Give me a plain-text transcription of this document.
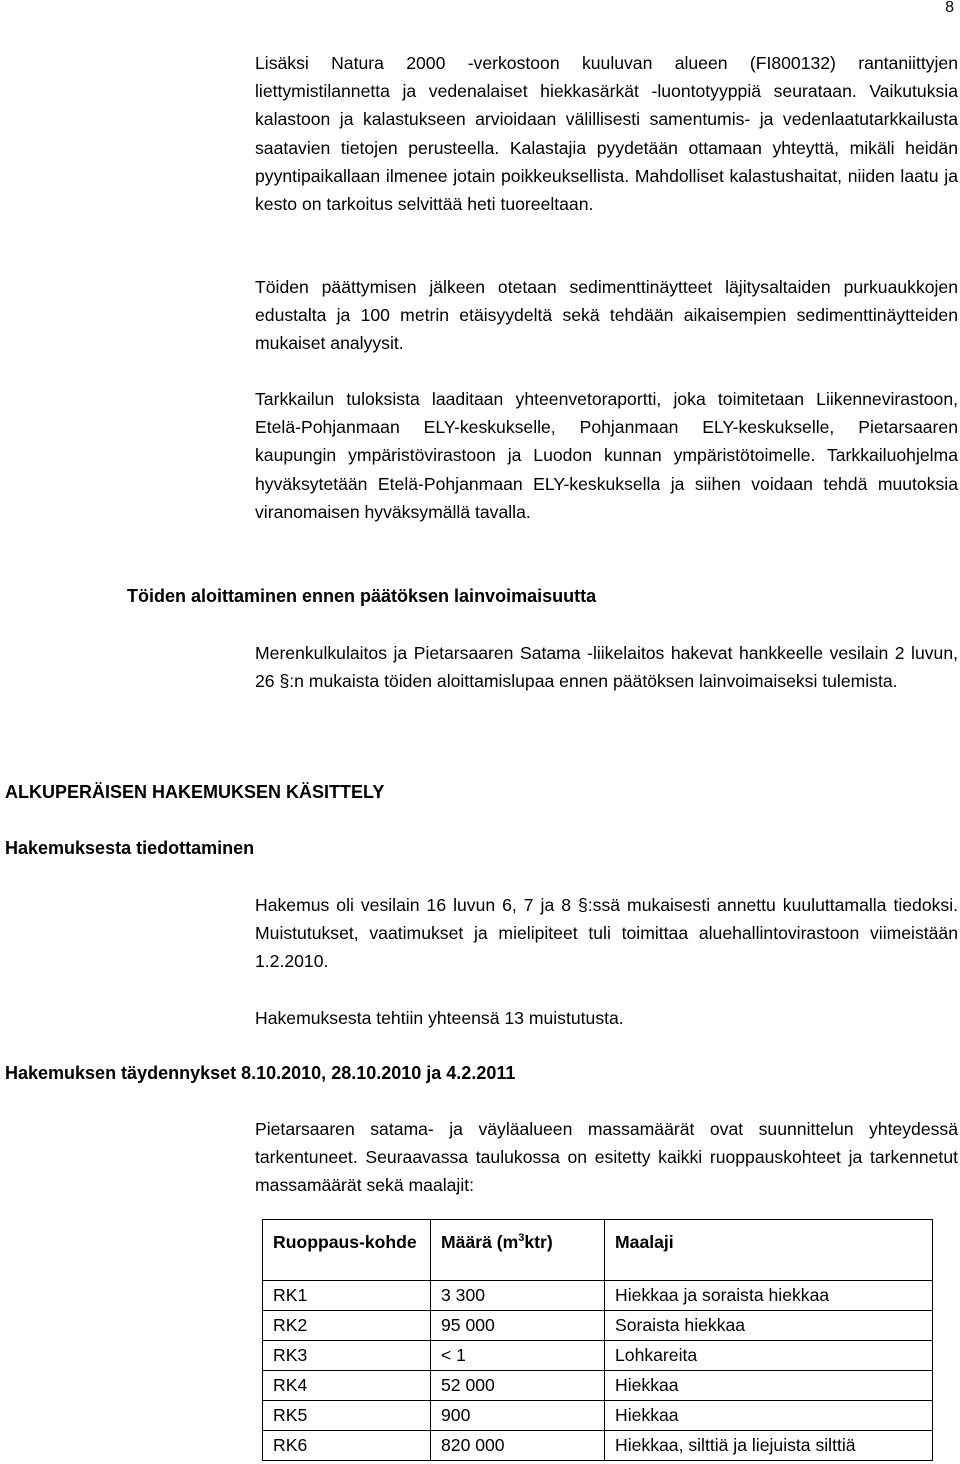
8

Lisäksi Natura 2000 -verkostoon kuuluvan alueen (FI800132) rantaniittyjen liettymistilannetta ja vedenalaiset hiekkasärkät -luontotyyppiä seurataan. Vaikutuksia kalastoon ja kalastukseen arvioidaan välillisesti samentumis- ja vedenlaatutarkkailusta saatavien tietojen perusteella. Kalastajia pyydetään ottamaan yhteyttä, mikäli heidän pyyntipaikallaan ilmenee jotain poikkeuksellista. Mahdolliset kalastushaitat, niiden laatu ja kesto on tarkoitus selvittää heti tuoreeltaan.

Töiden päättymisen jälkeen otetaan sedimenttinäytteet läjitysaltaiden purkuaukkojen edustalta ja 100 metrin etäisyydeltä sekä tehdään aikaisempien sedimenttinäytteiden mukaiset analyysit.

Tarkkailun tuloksista laaditaan yhteenvetoraportti, joka toimitetaan Liikennevirastoon, Etelä-Pohjanmaan ELY-keskukselle, Pohjanmaan ELY-keskukselle, Pietarsaaren kaupungin ympäristövirastoon ja Luodon kunnan ympäristötoimelle. Tarkkailuohjelma hyväksytetään Etelä-Pohjanmaan ELY-keskuksella ja siihen voidaan tehdä muutoksia viranomaisen hyväksymällä tavalla.

Töiden aloittaminen ennen päätöksen lainvoimaisuutta

Merenkulkulaitos ja Pietarsaaren Satama -liikelaitos hakevat hankkeelle vesilain 2 luvun, 26 §:n mukaista töiden aloittamislupaa ennen päätöksen lainvoimaiseksi tulemista.

ALKUPERÄISEN HAKEMUKSEN KÄSITTELY
Hakemuksesta tiedottaminen

Hakemus oli vesilain 16 luvun 6, 7 ja 8 §:ssä mukaisesti annettu kuuluttamalla tiedoksi. Muistutukset, vaatimukset ja mielipiteet tuli toimittaa aluehallintovirastoon viimeistään 1.2.2010.

Hakemuksesta tehtiin yhteensä 13 muistutusta.

Hakemuksen täydennykset 8.10.2010, 28.10.2010 ja 4.2.2011

Pietarsaaren satama- ja väyläalueen massamäärät ovat suunnittelun yhteydessä tarkentuneet. Seuraavassa taulukossa on esitetty kaikki ruoppauskohteet ja tarkennetut massamäärät sekä maalajit:

Ruoppaus-kohde	Määrä $(m^3ktr)$	Maalaji
RK1	3 300	Hiekkaa ja soraista hiekkaa
RK2	95 000	Soraista hiekkaa
RK3	< 1	Lohkareita
RK4	52 000	Hiekkaa
RK5	900	Hiekkaa
RK6	820 000	Hiekkaa, silttiä ja liejuista silttiä
